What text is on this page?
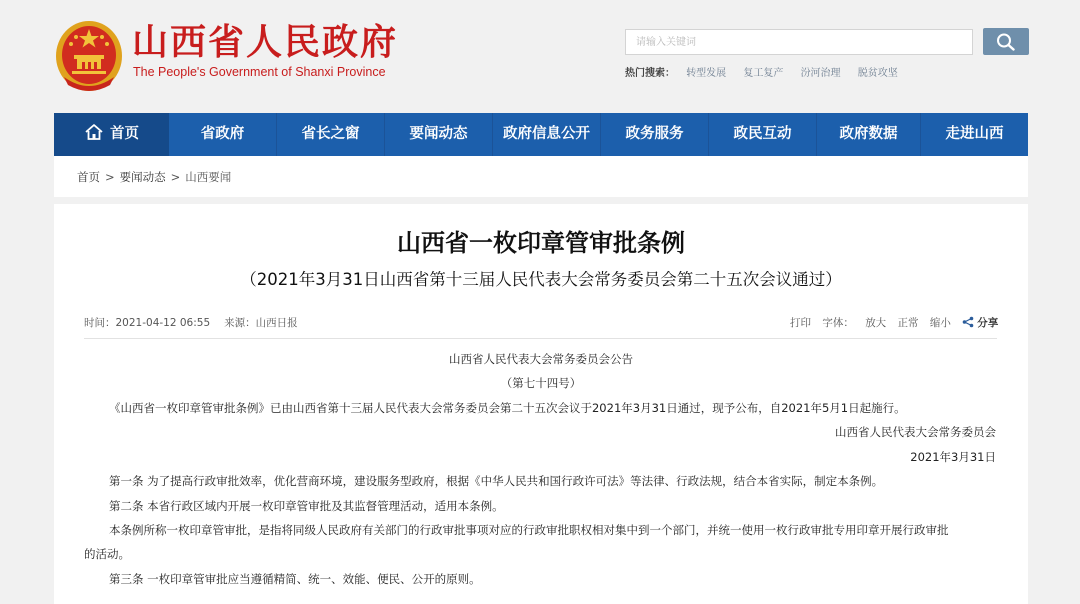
山西省人民政府
The People's Government of Shanxi Province
请输入关键词	热门搜索： 转型发展 复工复产 汾河治理 脱贫攻坚
首页	省政府	省长之窗	要闻动态	政府信息公开	政务服务	政民互动	政府数据	走进山西
首页 > 要闻动态 > 山西要闻
山西省一枚印章管审批条例
（2021年3月31日山西省第十三届人民代表大会常务委员会第二十五次会议通过）
时间：2021-04-12 06:55 来源：山西日报	打印 字体： 放大 正常 缩小	分享
山西省人民代表大会常务委员会公告
（第七十四号）
《山西省一枚印章管审批条例》已由山西省第十三届人民代表大会常务委员会第二十五次会议于2021年3月31日通过，现予公布，自2021年5月1日起施行。
山西省人民代表大会常务委员会
2021年3月31日
第一条 为了提高行政审批效率，优化营商环境，建设服务型政府，根据《中华人民共和国行政许可法》等法律、行政法规，结合本省实际，制定本条例。
第二条 本省行政区域内开展一枚印章管审批及其监督管理活动，适用本条例。
本条例所称一枚印章管审批，是指将同级人民政府有关部门的行政审批事项对应的行政审批职权相对集中到一个部门，并统一使用一枚行政审批专用印章开展行政审批
的活动。
第三条 一枚印章管审批应当遵循精简、统一、效能、便民、公开的原则。
